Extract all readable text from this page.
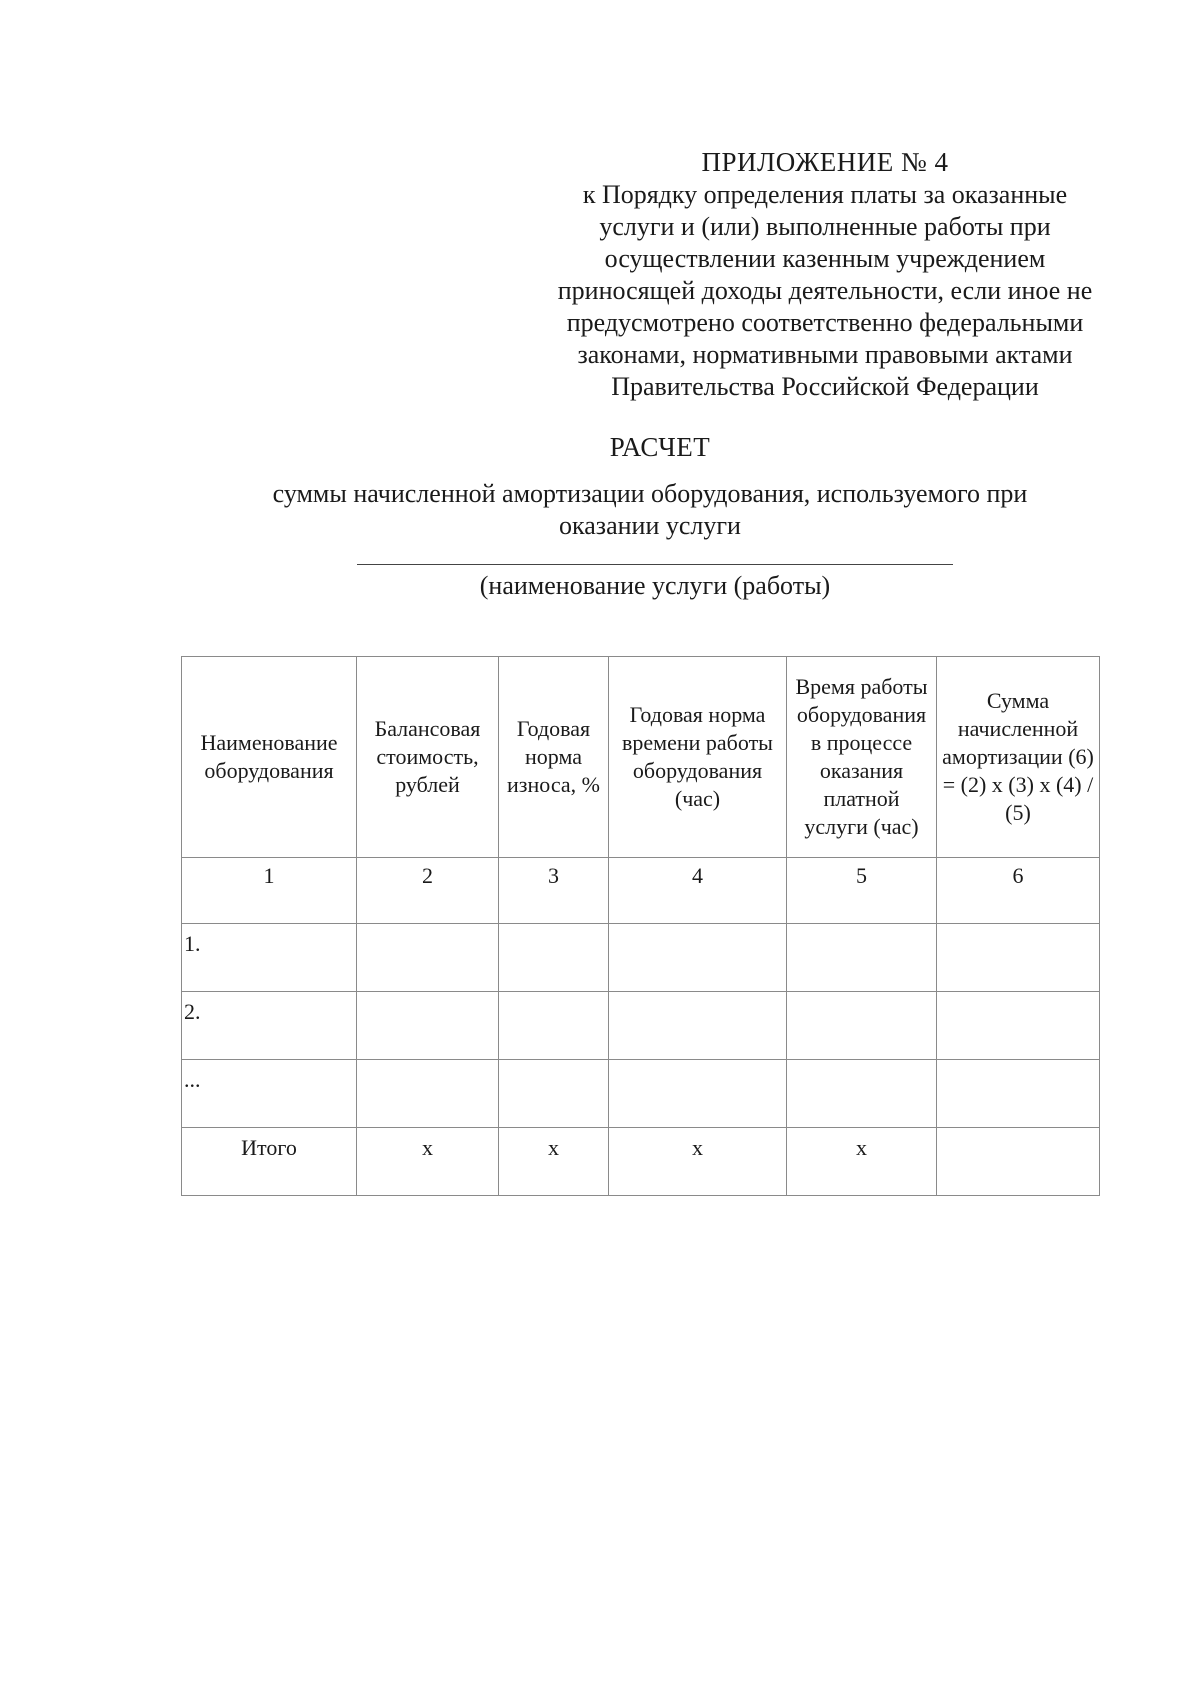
ПРИЛОЖЕНИЕ № 4
к Порядку определения платы за оказанные
услуги и (или) выполненные работы при
осуществлении казенным учреждением
приносящей доходы деятельности, если иное не
предусмотрено соответственно федеральными
законами, нормативными правовыми актами
Правительства Российской Федерации
РАСЧЕТ
суммы начисленной амортизации оборудования, используемого при
оказании услуги
(наименование услуги (работы)
Наименование оборудования	Балансовая стоимость, рублей	Годовая норма износа, %	Годовая норма времени работы оборудования (час)	Время работы оборудования в процессе оказания платной услуги (час)	Сумма начисленной амортизации (6) = (2) х (3) х (4) / (5)
1	2	3	4	5	6
1.					
2.					
...					
Итого	х	х	х	х	
